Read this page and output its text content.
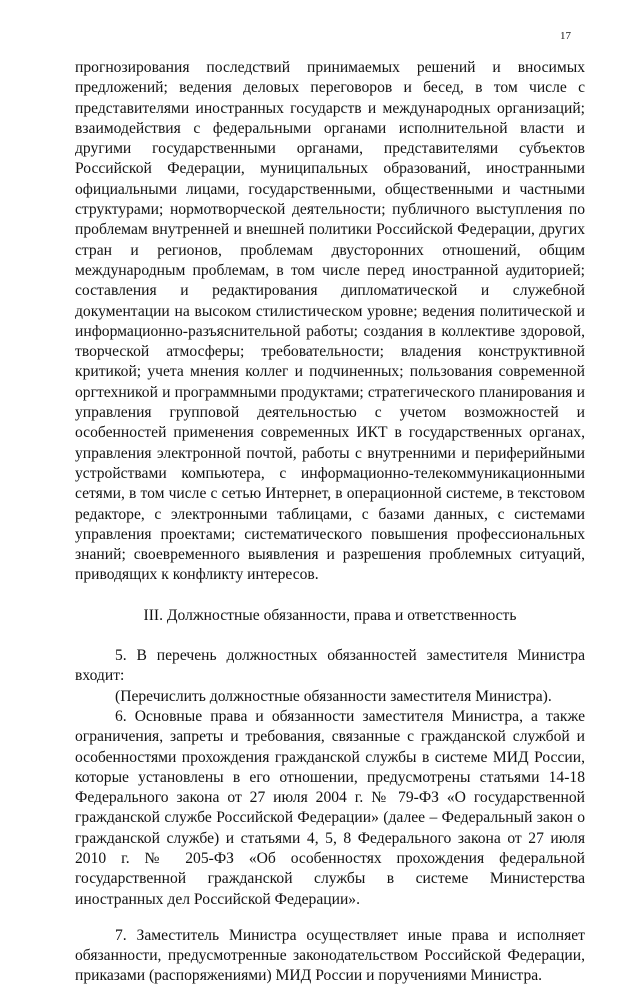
17

прогнозирования последствий принимаемых решений и вносимых предложений; ведения деловых переговоров и бесед, в том числе с представителями иностранных государств и международных организаций; взаимодействия с федеральными органами исполнительной власти и другими государственными органами, представителями субъектов Российской Федерации, муниципальных образований, иностранными официальными лицами, государственными, общественными и частными структурами; нормотворческой деятельности; публичного выступления по проблемам внутренней и внешней политики Российской Федерации, других стран и регионов, проблемам двусторонних отношений, общим международным проблемам, в том числе перед иностранной аудиторией; составления и редактирования дипломатической и служебной документации на высоком стилистическом уровне; ведения политической и информационно-разъяснительной работы; создания в коллективе здоровой, творческой атмосферы; требовательности; владения конструктивной критикой; учета мнения коллег и подчиненных; пользования современной оргтехникой и программными продуктами; стратегического планирования и управления групповой деятельностью с учетом возможностей и особенностей применения современных ИКТ в государственных органах, управления электронной почтой, работы с внутренними и периферийными устройствами компьютера, с информационно-телекоммуникационными сетями, в том числе с сетью Интернет, в операционной системе, в текстовом редакторе, с электронными таблицами, с базами данных, с системами управления проектами; систематического повышения профессиональных знаний; своевременного выявления и разрешения проблемных ситуаций, приводящих к конфликту интересов.

III. Должностные обязанности, права и ответственность

5. В перечень должностных обязанностей заместителя Министра входит:

(Перечислить должностные обязанности заместителя Министра).

6. Основные права и обязанности заместителя Министра, а также ограничения, запреты и требования, связанные с гражданской службой и особенностями прохождения гражданской службы в системе МИД России, которые установлены в его отношении, предусмотрены статьями 14-18 Федерального закона от 27 июля 2004 г. № 79-ФЗ «О государственной гражданской службе Российской Федерации» (далее – Федеральный закон о гражданской службе) и статьями 4, 5, 8 Федерального закона от 27 июля 2010 г. № 205-ФЗ «Об особенностях прохождения федеральной государственной гражданской службы в системе Министерства иностранных дел Российской Федерации».

7. Заместитель Министра осуществляет иные права и исполняет обязанности, предусмотренные законодательством Российской Федерации, приказами (распоряжениями) МИД России и поручениями Министра.
